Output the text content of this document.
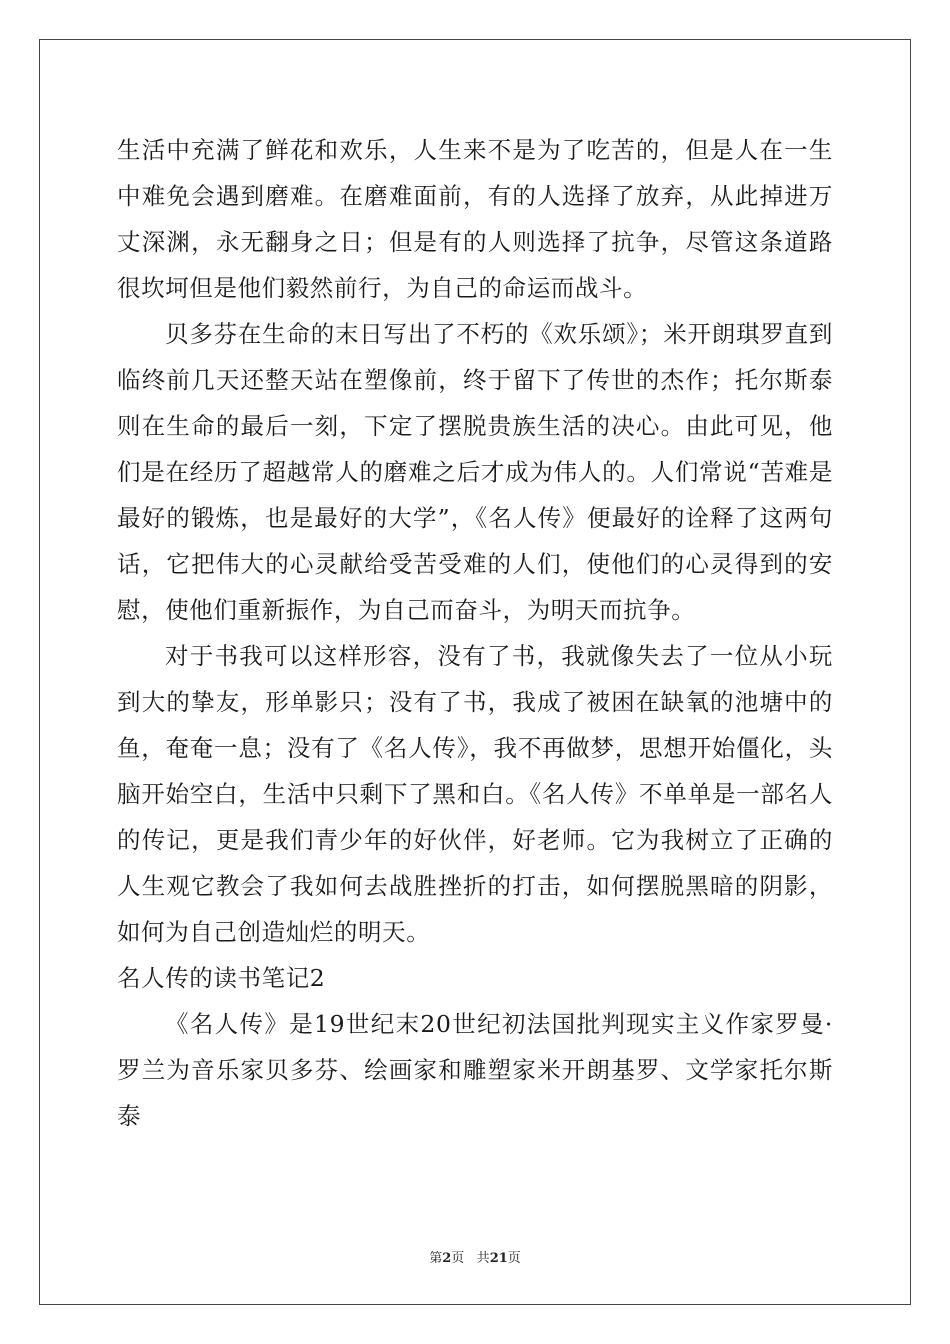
生活中充满了鲜花和欢乐，人生来不是为了吃苦的，但是人在一生中难免会遇到磨难。在磨难面前，有的人选择了放弃，从此掉进万丈深渊，永无翻身之日；但是有的人则选择了抗争，尽管这条道路很坎坷但是他们毅然前行，为自己的命运而战斗。

贝多芬在生命的末日写出了不朽的《欢乐颂》；米开朗琪罗直到临终前几天还整天站在塑像前，终于留下了传世的杰作；托尔斯泰则在生命的最后一刻，下定了摆脱贵族生活的决心。由此可见，他们是在经历了超越常人的磨难之后才成为伟人的。人们常说“苦难是最好的锻炼，也是最好的大学”，《名人传》便最好的诠释了这两句话，它把伟大的心灵献给受苦受难的人们，使他们的心灵得到的安慰，使他们重新振作，为自己而奋斗，为明天而抗争。

对于书我可以这样形容，没有了书，我就像失去了一位从小玩到大的挚友，形单影只；没有了书，我成了被困在缺氧的池塘中的鱼，奄奄一息；没有了《名人传》，我不再做梦，思想开始僵化，头脑开始空白，生活中只剩下了黑和白。《名人传》不单单是一部名人的传记，更是我们青少年的好伙伴，好老师。它为我树立了正确的人生观它教会了我如何去战胜挫折的打击，如何摆脱黑暗的阴影，如何为自己创造灿烂的明天。

名人传的读书笔记2

《名人传》是19世纪末20世纪初法国批判现实主义作家罗曼·罗兰为音乐家贝多芬、绘画家和雕塑家米开朗基罗、文学家托尔斯泰

第2页 共21页
